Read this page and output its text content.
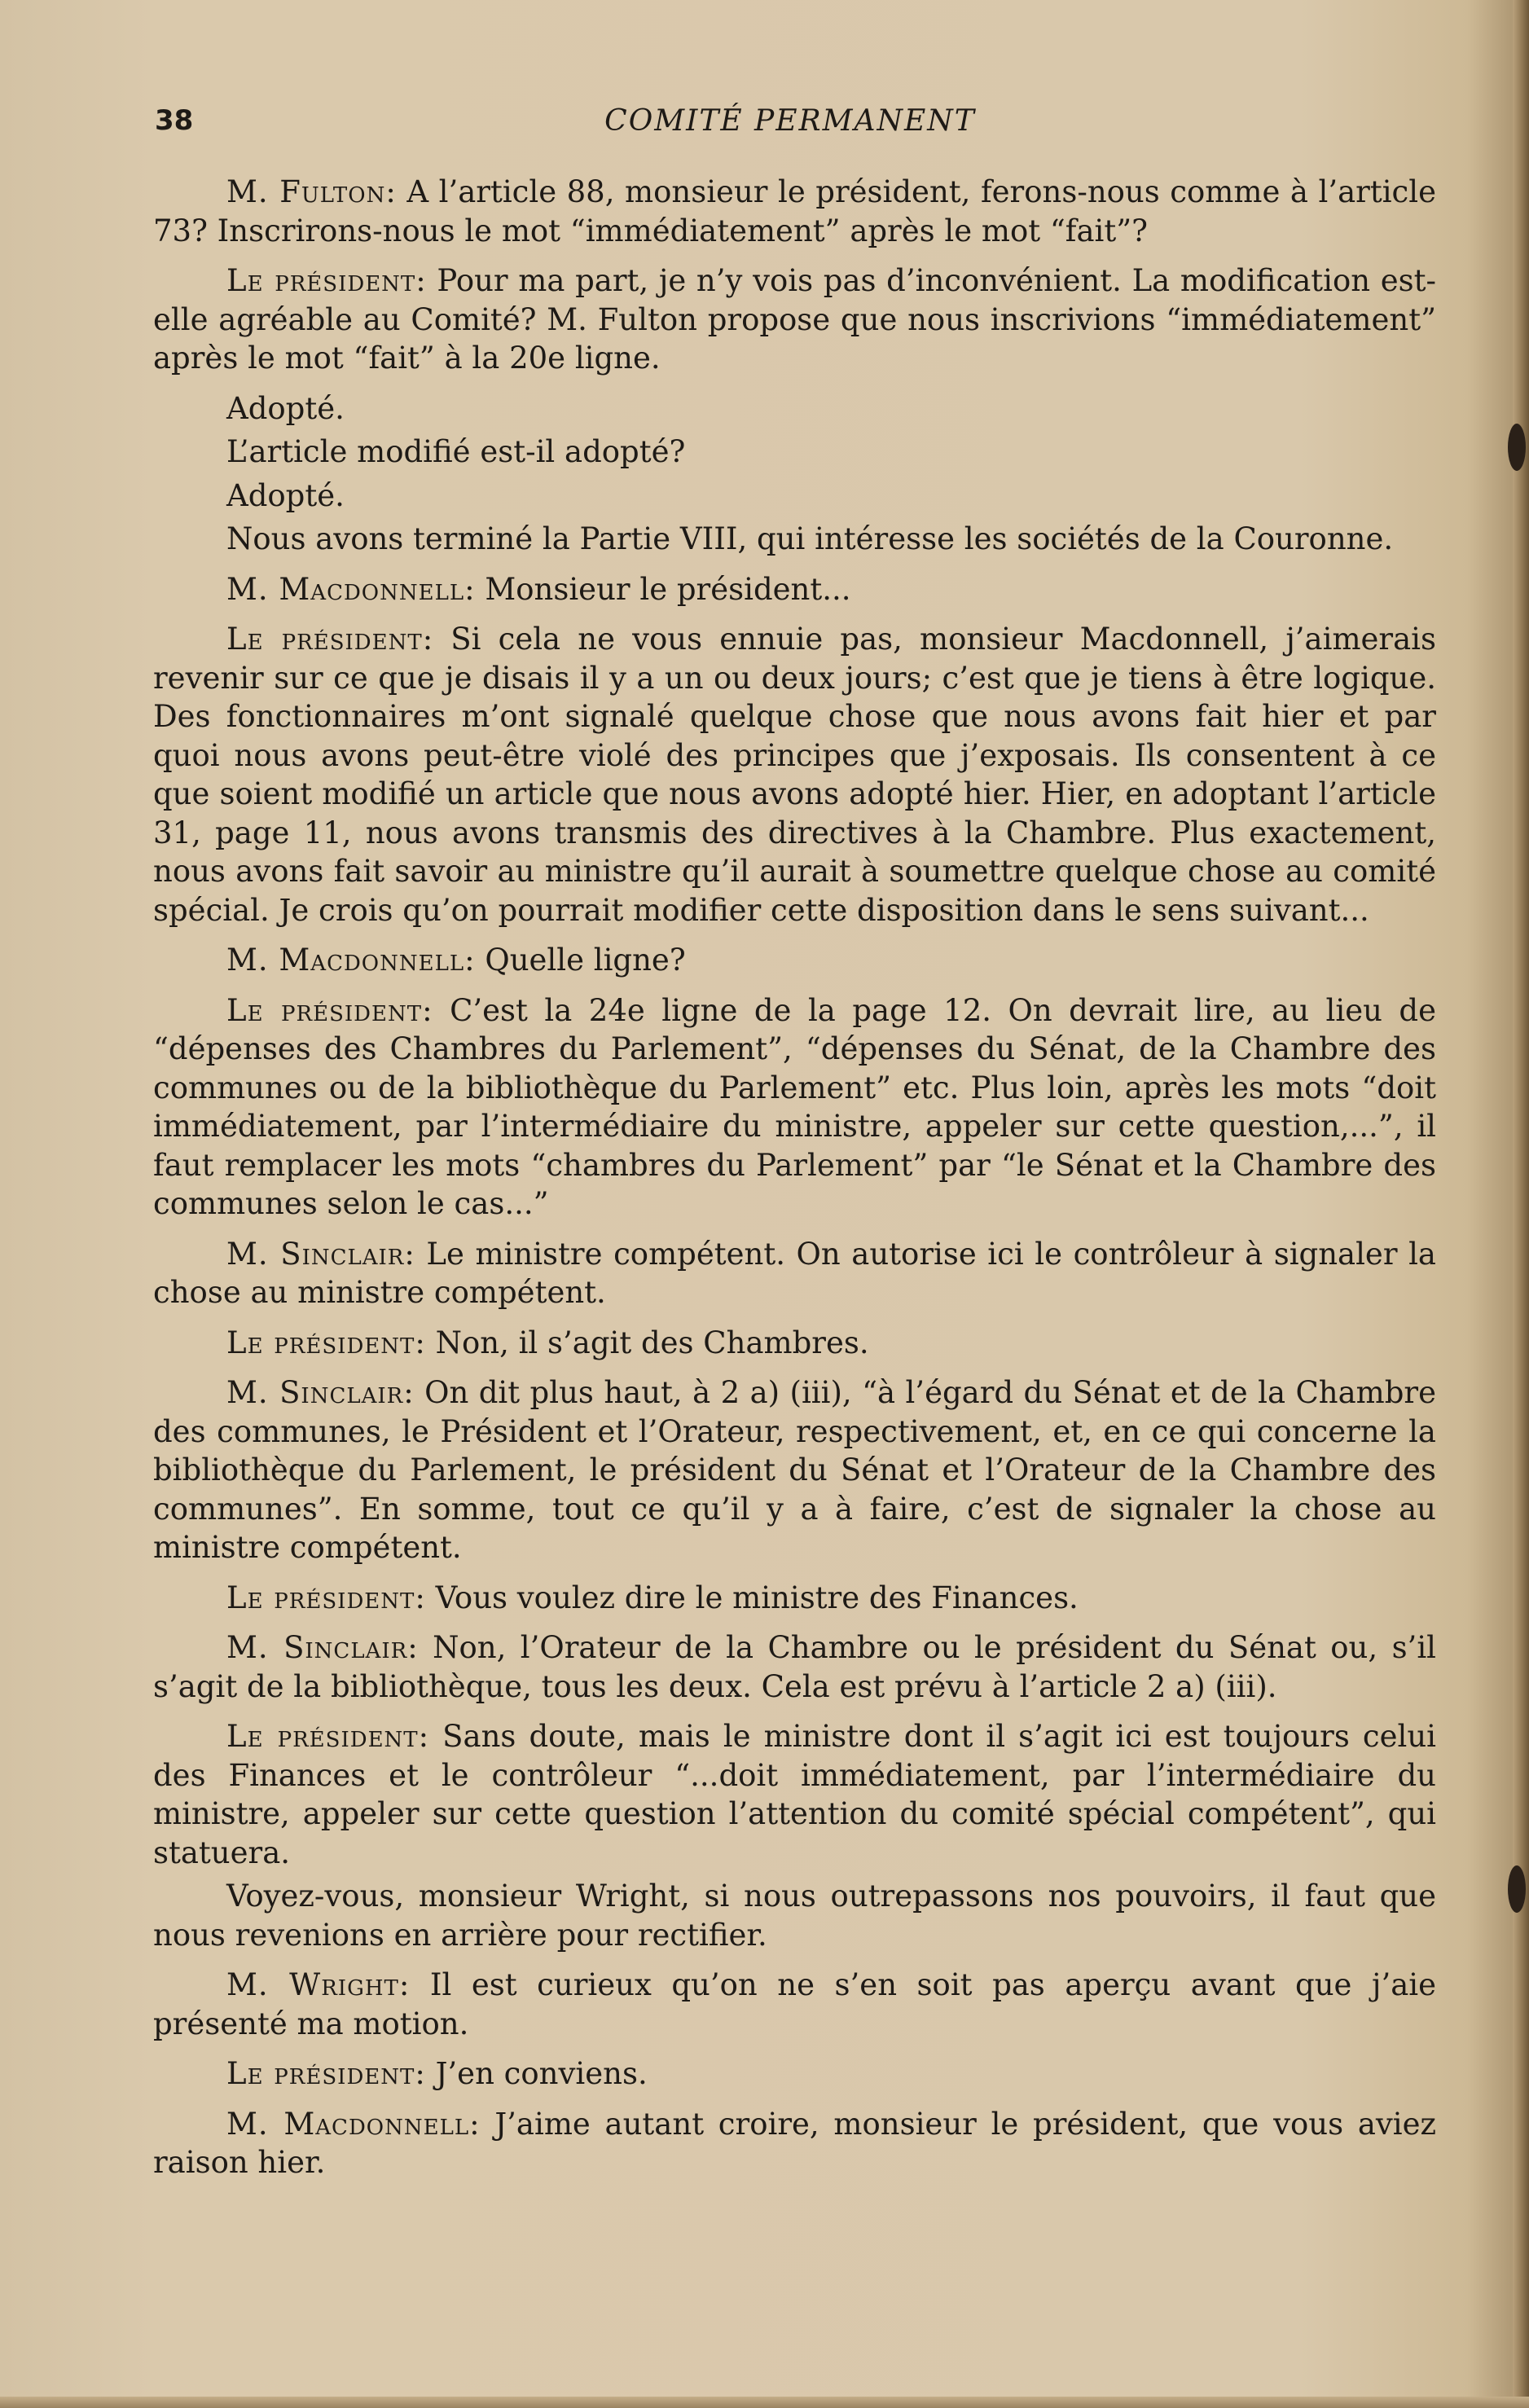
38	COMITÉ PERMANENT

M. Fulton: A l’article 88, monsieur le président, ferons-nous comme à l’article 73? Inscrirons-nous le mot “immédiatement” après le mot “fait”?

Le président: Pour ma part, je n’y vois pas d’inconvénient. La modification est-elle agréable au Comité? M. Fulton propose que nous inscrivions “immédiatement” après le mot “fait” à la 20e ligne.

Adopté.

L’article modifié est-il adopté?

Adopté.

Nous avons terminé la Partie VIII, qui intéresse les sociétés de la Couronne.

M. Macdonnell: Monsieur le président...

Le président: Si cela ne vous ennuie pas, monsieur Macdonnell, j’aimerais revenir sur ce que je disais il y a un ou deux jours; c’est que je tiens à être logique. Des fonctionnaires m’ont signalé quelque chose que nous avons fait hier et par quoi nous avons peut-être violé des principes que j’exposais. Ils consentent à ce que soient modifié un article que nous avons adopté hier. Hier, en adoptant l’article 31, page 11, nous avons transmis des directives à la Chambre. Plus exactement, nous avons fait savoir au ministre qu’il aurait à soumettre quelque chose au comité spécial. Je crois qu’on pourrait modifier cette disposition dans le sens suivant...

M. Macdonnell: Quelle ligne?

Le président: C’est la 24e ligne de la page 12. On devrait lire, au lieu de “dépenses des Chambres du Parlement”, “dépenses du Sénat, de la Chambre des communes ou de la bibliothèque du Parlement” etc. Plus loin, après les mots “doit immédiatement, par l’intermédiaire du ministre, appeler sur cette question,...”, il faut remplacer les mots “chambres du Parlement” par “le Sénat et la Chambre des communes selon le cas...”

M. Sinclair: Le ministre compétent. On autorise ici le contrôleur à signaler la chose au ministre compétent.

Le président: Non, il s’agit des Chambres.

M. Sinclair: On dit plus haut, à 2 a) (iii), “à l’égard du Sénat et de la Chambre des communes, le Président et l’Orateur, respectivement, et, en ce qui concerne la bibliothèque du Parlement, le président du Sénat et l’Orateur de la Chambre des communes”. En somme, tout ce qu’il y a à faire, c’est de signaler la chose au ministre compétent.

Le président: Vous voulez dire le ministre des Finances.

M. Sinclair: Non, l’Orateur de la Chambre ou le président du Sénat ou, s’il s’agit de la bibliothèque, tous les deux. Cela est prévu à l’article 2 a) (iii).

Le président: Sans doute, mais le ministre dont il s’agit ici est toujours celui des Finances et le contrôleur “...doit immédiatement, par l’intermédiaire du ministre, appeler sur cette question l’attention du comité spécial compétent”, qui statuera.

Voyez-vous, monsieur Wright, si nous outrepassons nos pouvoirs, il faut que nous revenions en arrière pour rectifier.

M. Wright: Il est curieux qu’on ne s’en soit pas aperçu avant que j’aie présenté ma motion.

Le président: J’en conviens.

M. Macdonnell: J’aime autant croire, monsieur le président, que vous aviez raison hier.
